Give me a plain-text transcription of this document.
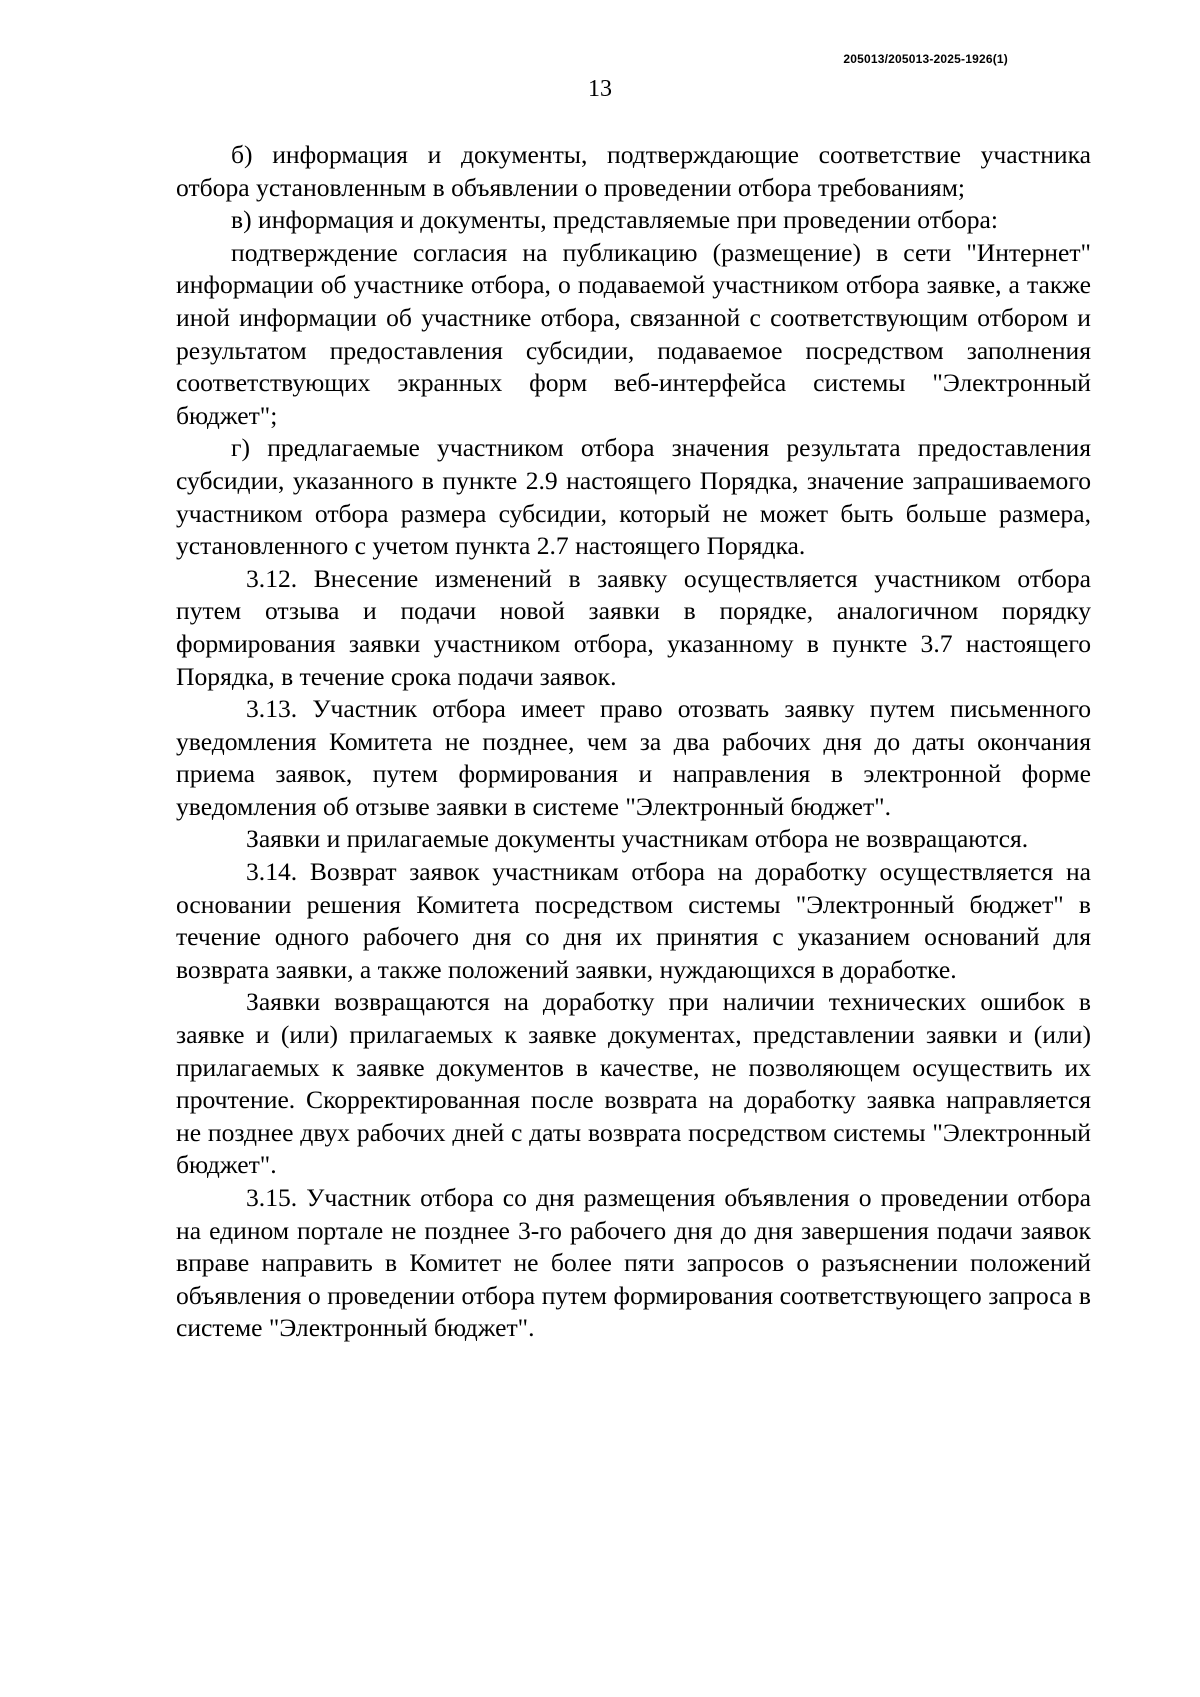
205013/205013-2025-1926(1)
13

б) информация и документы, подтверждающие соответствие участника отбора установленным в объявлении о проведении отбора требованиям;

в) информация и документы, представляемые при проведении отбора:

подтверждение согласия на публикацию (размещение) в сети "Интернет" информации об участнике отбора, о подаваемой участником отбора заявке, а также иной информации об участнике отбора, связанной с соответствующим отбором и результатом предоставления субсидии, подаваемое посредством заполнения соответствующих экранных форм веб-интерфейса системы "Электронный бюджет";

г) предлагаемые участником отбора значения результата предоставления субсидии, указанного в пункте 2.9 настоящего Порядка, значение запрашиваемого участником отбора размера субсидии, который не может быть больше размера, установленного с учетом пункта 2.7 настоящего Порядка.

3.12. Внесение изменений в заявку осуществляется участником отбора путем отзыва и подачи новой заявки в порядке, аналогичном порядку формирования заявки участником отбора, указанному в пункте 3.7 настоящего Порядка, в течение срока подачи заявок.

3.13. Участник отбора имеет право отозвать заявку путем письменного уведомления Комитета не позднее, чем за два рабочих дня до даты окончания приема заявок, путем формирования и направления в электронной форме уведомления об отзыве заявки в системе "Электронный бюджет".

Заявки и прилагаемые документы участникам отбора не возвращаются.

3.14. Возврат заявок участникам отбора на доработку осуществляется на основании решения Комитета посредством системы "Электронный бюджет" в течение одного рабочего дня со дня их принятия с указанием оснований для возврата заявки, а также положений заявки, нуждающихся в доработке.

Заявки возвращаются на доработку при наличии технических ошибок в заявке и (или) прилагаемых к заявке документах, представлении заявки и (или) прилагаемых к заявке документов в качестве, не позволяющем осуществить их прочтение. Скорректированная после возврата на доработку заявка направляется не позднее двух рабочих дней с даты возврата посредством системы "Электронный бюджет".

3.15. Участник отбора со дня размещения объявления о проведении отбора на едином портале не позднее 3-го рабочего дня до дня завершения подачи заявок вправе направить в Комитет не более пяти запросов о разъяснении положений объявления о проведении отбора путем формирования соответствующего запроса в системе "Электронный бюджет".
